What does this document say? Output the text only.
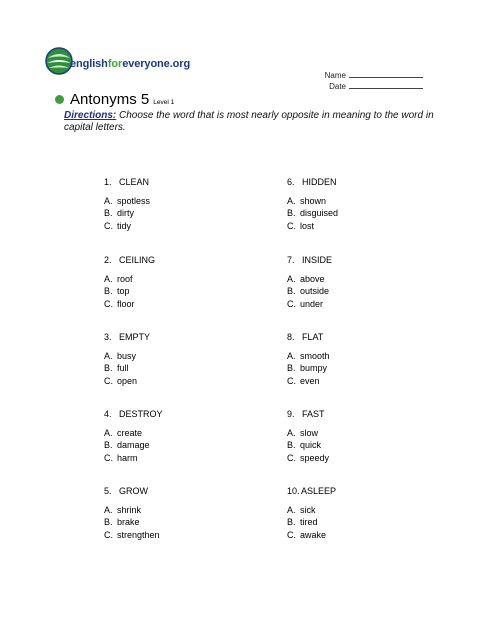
englishforeveryone.org
Name
Date
Antonyms 5 Level 1
Directions: Choose the word that is most nearly opposite in meaning to the word in capital letters.
1. CLEAN
A. spotless
B. dirty
C. tidy
2. CEILING
A. roof
B. top
C. floor
3. EMPTY
A. busy
B. full
C. open
4. DESTROY
A. create
B. damage
C. harm
5. GROW
A. shrink
B. brake
C. strengthen
6. HIDDEN
A. shown
B. disguised
C. lost
7. INSIDE
A. above
B. outside
C. under
8. FLAT
A. smooth
B. bumpy
C. even
9. FAST
A. slow
B. quick
C. speedy
10.ASLEEP
A. sick
B. tired
C. awake
